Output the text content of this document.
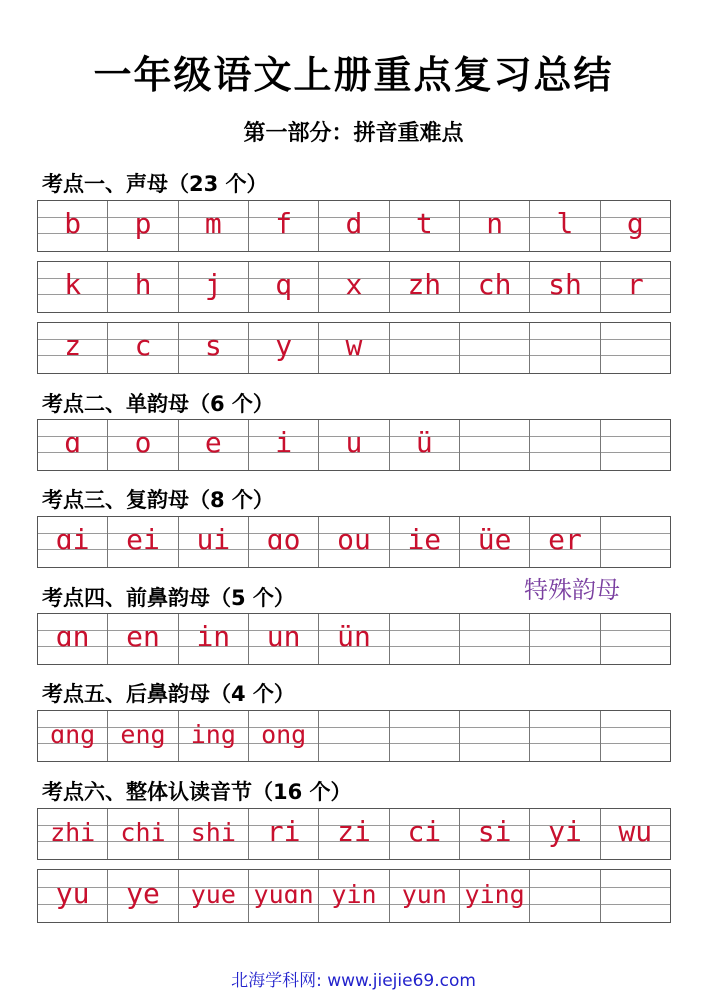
一年级语文上册重点复习总结
第一部分：拼音重难点
考点一、声母（23 个）
b p m f d t n l g
k h j q x zh ch sh r
z c s y w
考点二、单韵母（6 个）
ɑ o e i u ü
考点三、复韵母（8 个）
ɑi ei ui ɑo ou ie üe er
考点四、前鼻韵母（5 个）
ɑn en in un ün
考点五、后鼻韵母（4 个）
ɑng eng ing ong
考点六、整体认读音节（16 个）
zhi chi shi ri zi ci si yi wu
yu ye yue yuɑn yin yun ying
特殊韵母
北海学科网: www.jiejie69.com
